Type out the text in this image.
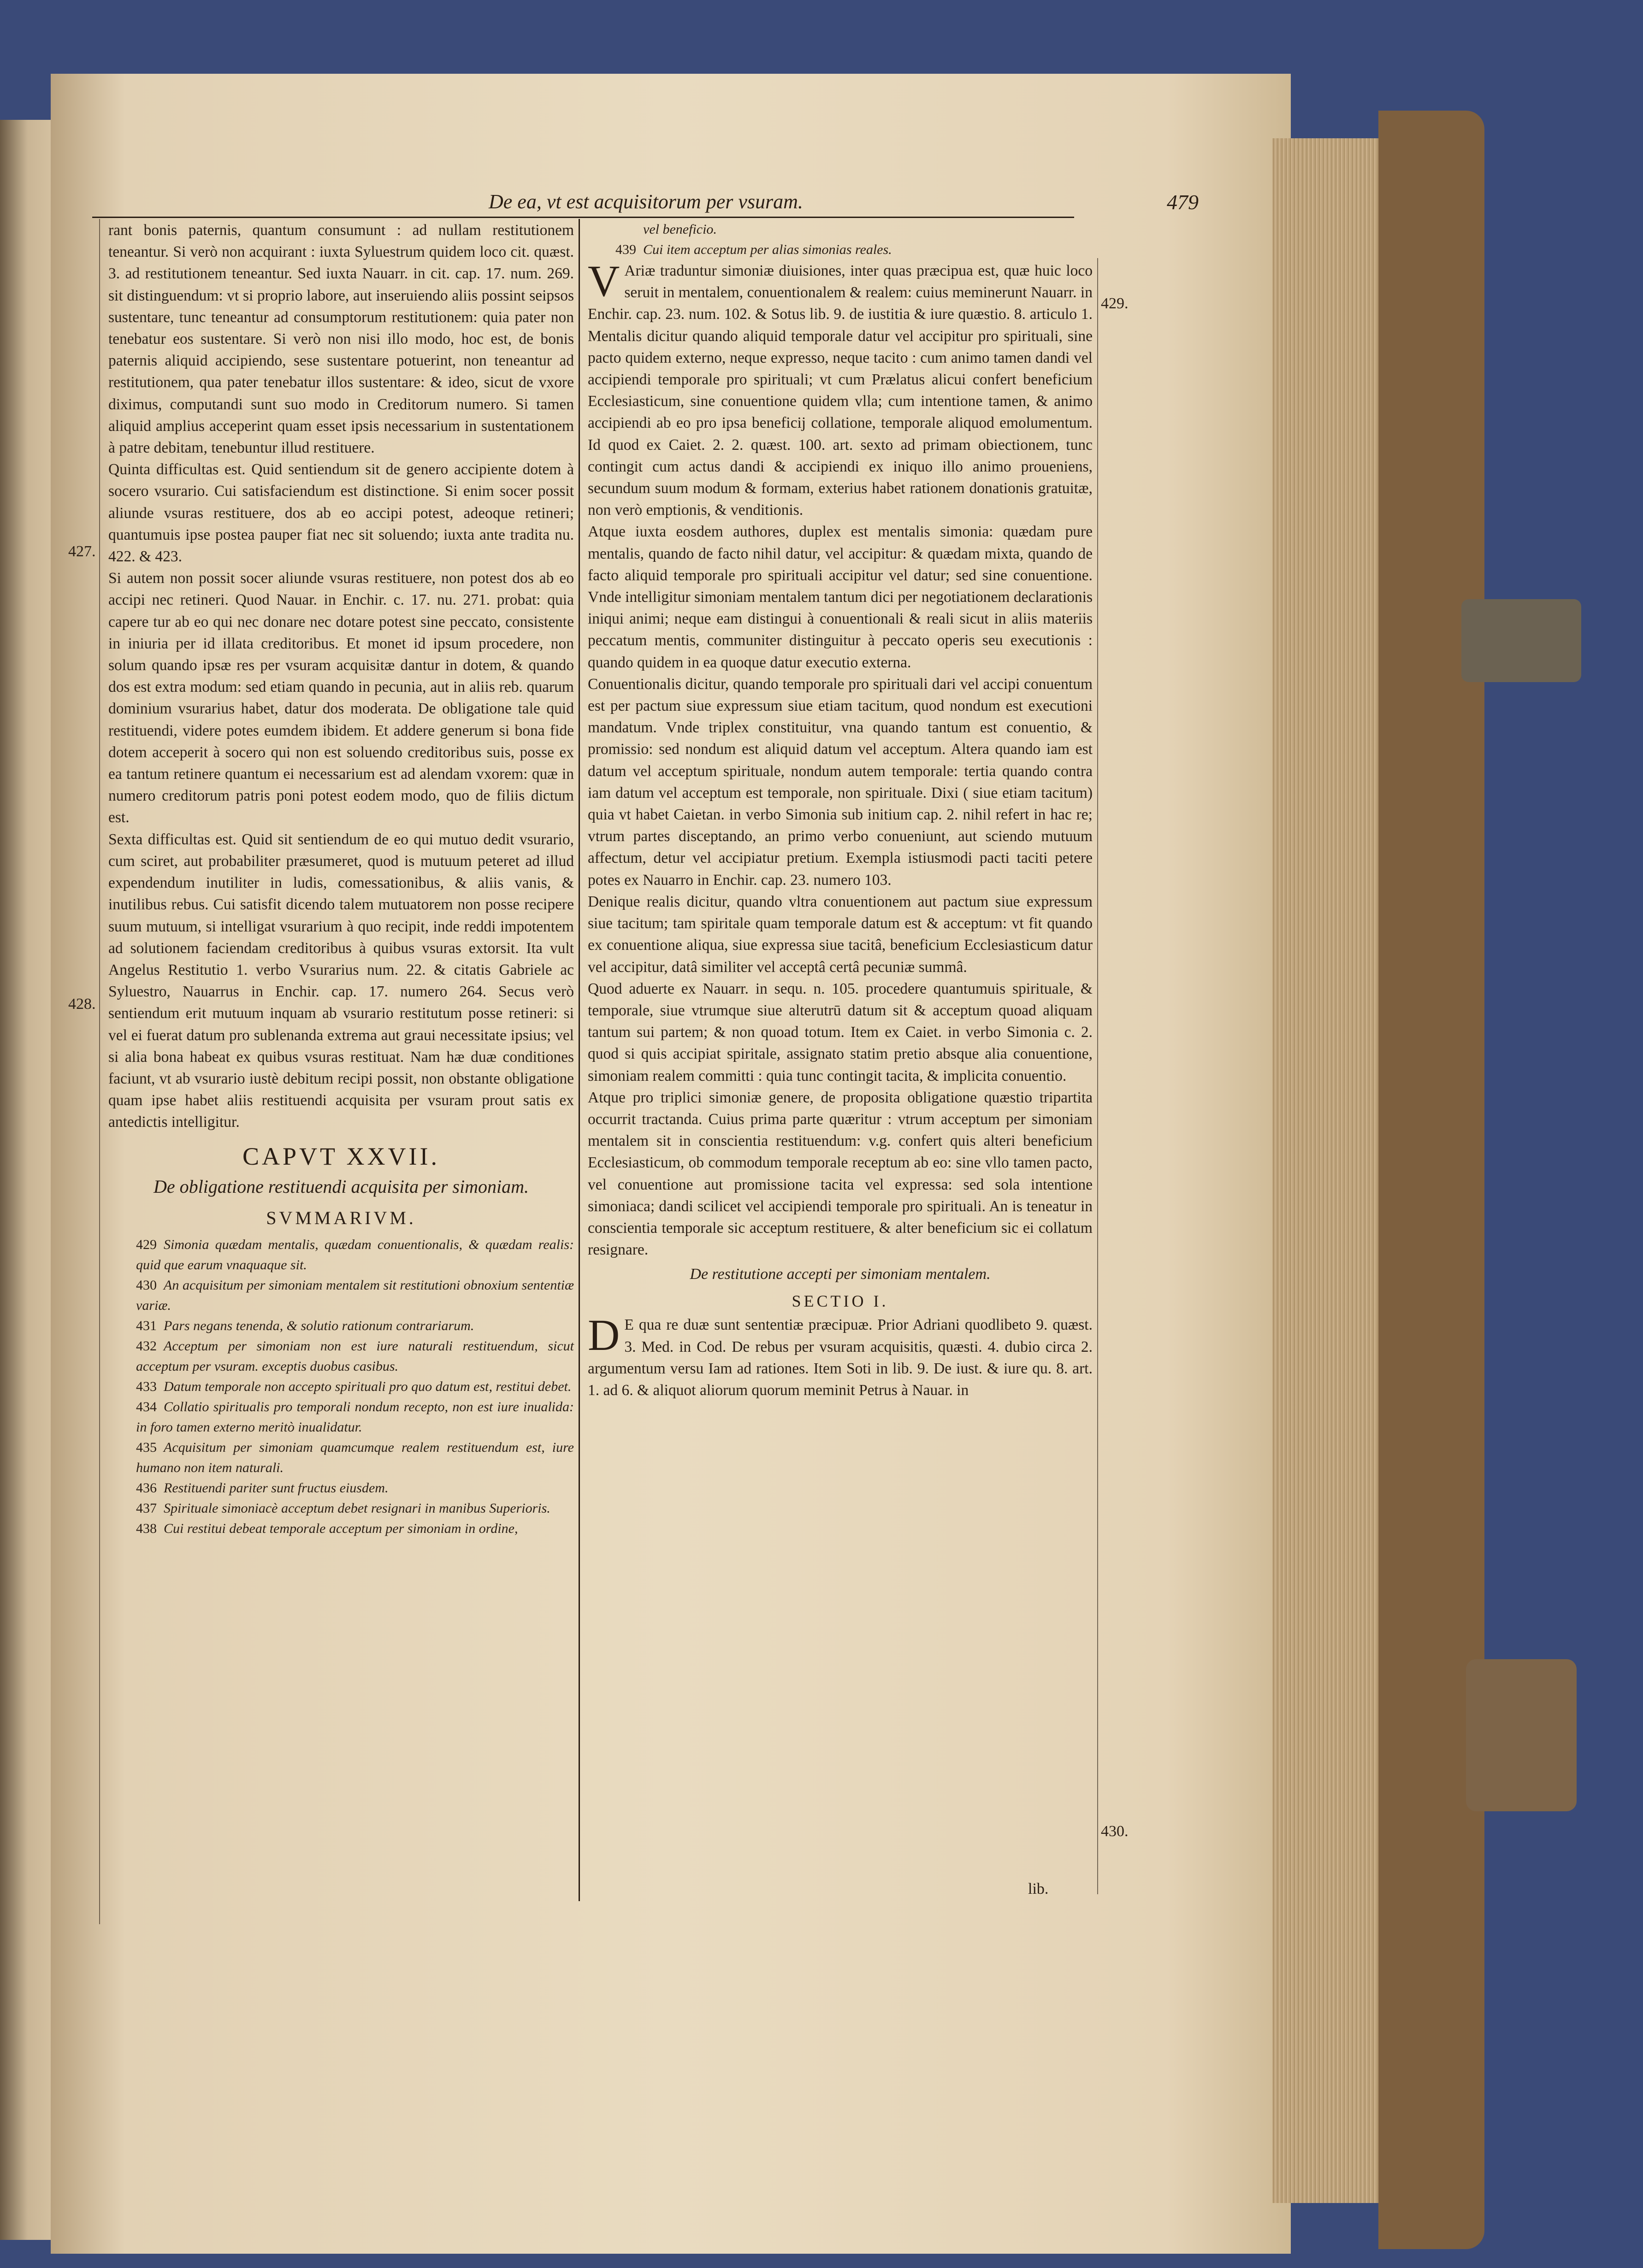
De ea, vt est acquisitorum per vsuram.	479
427.
428.
429.
430.

rant bonis paternis, quantum consumunt : ad nullam restitutionem teneantur. Si verò non acquirant : iuxta Syluestrum quidem loco cit. quæst. 3. ad restitutionem teneantur. Sed iuxta Nauarr. in cit. cap. 17. num. 269. sit distinguendum: vt si proprio labore, aut inseruiendo aliis possint seipsos sustentare, tunc teneantur ad consumptorum restitutionem: quia pater non tenebatur eos sustentare. Si verò non nisi illo modo, hoc est, de bonis paternis aliquid accipiendo, sese sustentare potuerint, non teneantur ad restitutionem, qua pater tenebatur illos sustentare: & ideo, sicut de vxore diximus, computandi sunt suo modo in Creditorum numero. Si tamen aliquid amplius acceperint quam esset ipsis necessarium in sustentationem à patre debitam, tenebuntur illud restituere.

Quinta difficultas est. Quid sentiendum sit de genero accipiente dotem à socero vsurario. Cui satisfaciendum est distinctione. Si enim socer possit aliunde vsuras restituere, dos ab eo accipi potest, adeoque retineri; quantumuis ipse postea pauper fiat nec sit soluendo; iuxta ante tradita nu. 422. & 423.

Si autem non possit socer aliunde vsuras restituere, non potest dos ab eo accipi nec retineri. Quod Nauar. in Enchir. c. 17. nu. 271. probat: quia capere tur ab eo qui nec donare nec dotare potest sine peccato, consistente in iniuria per id illata creditoribus. Et monet id ipsum procedere, non solum quando ipsæ res per vsuram acquisitæ dantur in dotem, & quando dos est extra modum: sed etiam quando in pecunia, aut in aliis reb. quarum dominium vsurarius habet, datur dos moderata. De obligatione tale quid restituendi, videre potes eumdem ibidem. Et addere generum si bona fide dotem acceperit à socero qui non est soluendo creditoribus suis, posse ex ea tantum retinere quantum ei necessarium est ad alendam vxorem: quæ in numero creditorum patris poni potest eodem modo, quo de filiis dictum est.

Sexta difficultas est. Quid sit sentiendum de eo qui mutuo dedit vsurario, cum sciret, aut probabiliter præsumeret, quod is mutuum peteret ad illud expendendum inutiliter in ludis, comessationibus, & aliis vanis, & inutilibus rebus. Cui satisfit dicendo talem mutuatorem non posse recipere suum mutuum, si intelligat vsurarium à quo recipit, inde reddi impotentem ad solutionem faciendam creditoribus à quibus vsuras extorsit. Ita vult Angelus Restitutio 1. verbo Vsurarius num. 22. & citatis Gabriele ac Syluestro, Nauarrus in Enchir. cap. 17. numero 264. Secus verò sentiendum erit mutuum inquam ab vsurario restitutum posse retineri: si vel ei fuerat datum pro sublenanda extrema aut graui necessitate ipsius; vel si alia bona habeat ex quibus vsuras restituat. Nam hæ duæ conditiones faciunt, vt ab vsurario iustè debitum recipi possit, non obstante obligatione quam ipse habet aliis restituendi acquisita per vsuram prout satis ex antedictis intelligitur.

CAPVT XXVII.
De obligatione restituendi acquisita per simoniam.
SVMMARIVM.

429 Simonia quædam mentalis, quædam conuentionalis, & quædam realis: quid que earum vnaquaque sit.

430 An acquisitum per simoniam mentalem sit restitutioni obnoxium sententiæ variæ.

431 Pars negans tenenda, & solutio rationum contrariarum.

432 Acceptum per simoniam non est iure naturali restituendum, sicut acceptum per vsuram. exceptis duobus casibus.

433 Datum temporale non accepto spirituali pro quo datum est, restitui debet.

434 Collatio spiritualis pro temporali nondum recepto, non est iure inualida: in foro tamen externo meritò inualidatur.

435 Acquisitum per simoniam quamcumque realem restituendum est, iure humano non item naturali.

436 Restituendi pariter sunt fructus eiusdem.

437 Spirituale simoniacè acceptum debet resignari in manibus Superioris.

438 Cui restitui debeat temporale acceptum per simoniam in ordine,

vel beneficio.

439 Cui item acceptum per alias simonias reales.

V Ariæ traduntur simoniæ diuisiones, inter quas præcipua est, quæ huic loco seruit in mentalem, conuentionalem & realem: cuius meminerunt Nauarr. in Enchir. cap. 23. num. 102. & Sotus lib. 9. de iustitia & iure quæstio. 8. articulo 1. Mentalis dicitur quando aliquid temporale datur vel accipitur pro spirituali, sine pacto quidem externo, neque expresso, neque tacito : cum animo tamen dandi vel accipiendi temporale pro spirituali; vt cum Prælatus alicui confert beneficium Ecclesiasticum, sine conuentione quidem vlla; cum intentione tamen, & animo accipiendi ab eo pro ipsa beneficij collatione, temporale aliquod emolumentum. Id quod ex Caiet. 2. 2. quæst. 100. art. sexto ad primam obiectionem, tunc contingit cum actus dandi & accipiendi ex iniquo illo animo proueniens, secundum suum modum & formam, exterius habet rationem donationis gratuitæ, non verò emptionis, & venditionis.

Atque iuxta eosdem authores, duplex est mentalis simonia: quædam pure mentalis, quando de facto nihil datur, vel accipitur: & quædam mixta, quando de facto aliquid temporale pro spirituali accipitur vel datur; sed sine conuentione. Vnde intelligitur simoniam mentalem tantum dici per negotiationem declarationis iniqui animi; neque eam distingui à conuentionali & reali sicut in aliis materiis peccatum mentis, communiter distinguitur à peccato operis seu executionis : quando quidem in ea quoque datur executio externa.

Conuentionalis dicitur, quando temporale pro spirituali dari vel accipi conuentum est per pactum siue expressum siue etiam tacitum, quod nondum est executioni mandatum. Vnde triplex constituitur, vna quando tantum est conuentio, & promissio: sed nondum est aliquid datum vel acceptum. Altera quando iam est datum vel acceptum spirituale, nondum autem temporale: tertia quando contra iam datum vel acceptum est temporale, non spirituale. Dixi ( siue etiam tacitum) quia vt habet Caietan. in verbo Simonia sub initium cap. 2. nihil refert in hac re; vtrum partes disceptando, an primo verbo conueniunt, aut sciendo mutuum affectum, detur vel accipiatur pretium. Exempla istiusmodi pacti taciti petere potes ex Nauarro in Enchir. cap. 23. numero 103.

Denique realis dicitur, quando vltra conuentionem aut pactum siue expressum siue tacitum; tam spiritale quam temporale datum est & acceptum: vt fit quando ex conuentione aliqua, siue expressa siue tacitâ, beneficium Ecclesiasticum datur vel accipitur, datâ similiter vel acceptâ certâ pecuniæ summâ.

Quod aduerte ex Nauarr. in sequ. n. 105. procedere quantumuis spirituale, & temporale, siue vtrumque siue alterutrū datum sit & acceptum quoad aliquam tantum sui partem; & non quoad totum. Item ex Caiet. in verbo Simonia c. 2. quod si quis accipiat spiritale, assignato statim pretio absque alia conuentione, simoniam realem committi : quia tunc contingit tacita, & implicita conuentio.

Atque pro triplici simoniæ genere, de proposita obligatione quæstio tripartita occurrit tractanda. Cuius prima parte quæritur : vtrum acceptum per simoniam mentalem sit in conscientia restituendum: v.g. confert quis alteri beneficium Ecclesiasticum, ob commodum temporale receptum ab eo: sine vllo tamen pacto, vel conuentione aut promissione tacita vel expressa: sed sola intentione simoniaca; dandi scilicet vel accipiendi temporale pro spirituali. An is teneatur in conscientia temporale sic acceptum restituere, & alter beneficium sic ei collatum resignare.

De restitutione accepti per simoniam mentalem.
SECTIO I.

D E qua re duæ sunt sententiæ præcipuæ. Prior Adriani quodlibeto 9. quæst. 3. Med. in Cod. De rebus per vsuram acquisitis, quæsti. 4. dubio circa 2. argumentum versu Iam ad rationes. Item Soti in lib. 9. De iust. & iure qu. 8. art. 1. ad 6. & aliquot aliorum quorum meminit Petrus à Nauar. in

lib.
